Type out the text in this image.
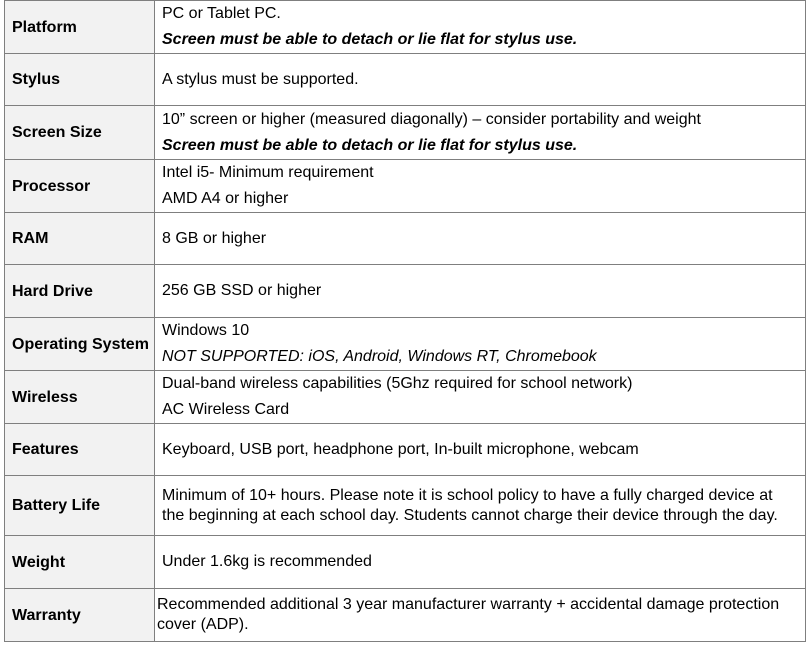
Platform	PC or Tablet PC.
Screen must be able to detach or lie flat for stylus use.

Stylus	A stylus must be supported.

Screen Size	10” screen or higher (measured diagonally) – consider portability and weight
Screen must be able to detach or lie flat for stylus use.

Processor	Intel i5- Minimum requirement
AMD A4 or higher

RAM	8 GB or higher

Hard Drive	256 GB SSD or higher

Operating System	Windows 10
NOT SUPPORTED: iOS, Android, Windows RT, Chromebook

Wireless	Dual-band wireless capabilities (5Ghz required for school network)
AC Wireless Card

Features	Keyboard, USB port, headphone port, In-built microphone, webcam

Battery Life	Minimum of 10+ hours. Please note it is school policy to have a fully charged device at the beginning at each school day. Students cannot charge their device through the day.

Weight	Under 1.6kg is recommended

Warranty	Recommended additional 3 year manufacturer warranty + accidental damage protection cover (ADP).
